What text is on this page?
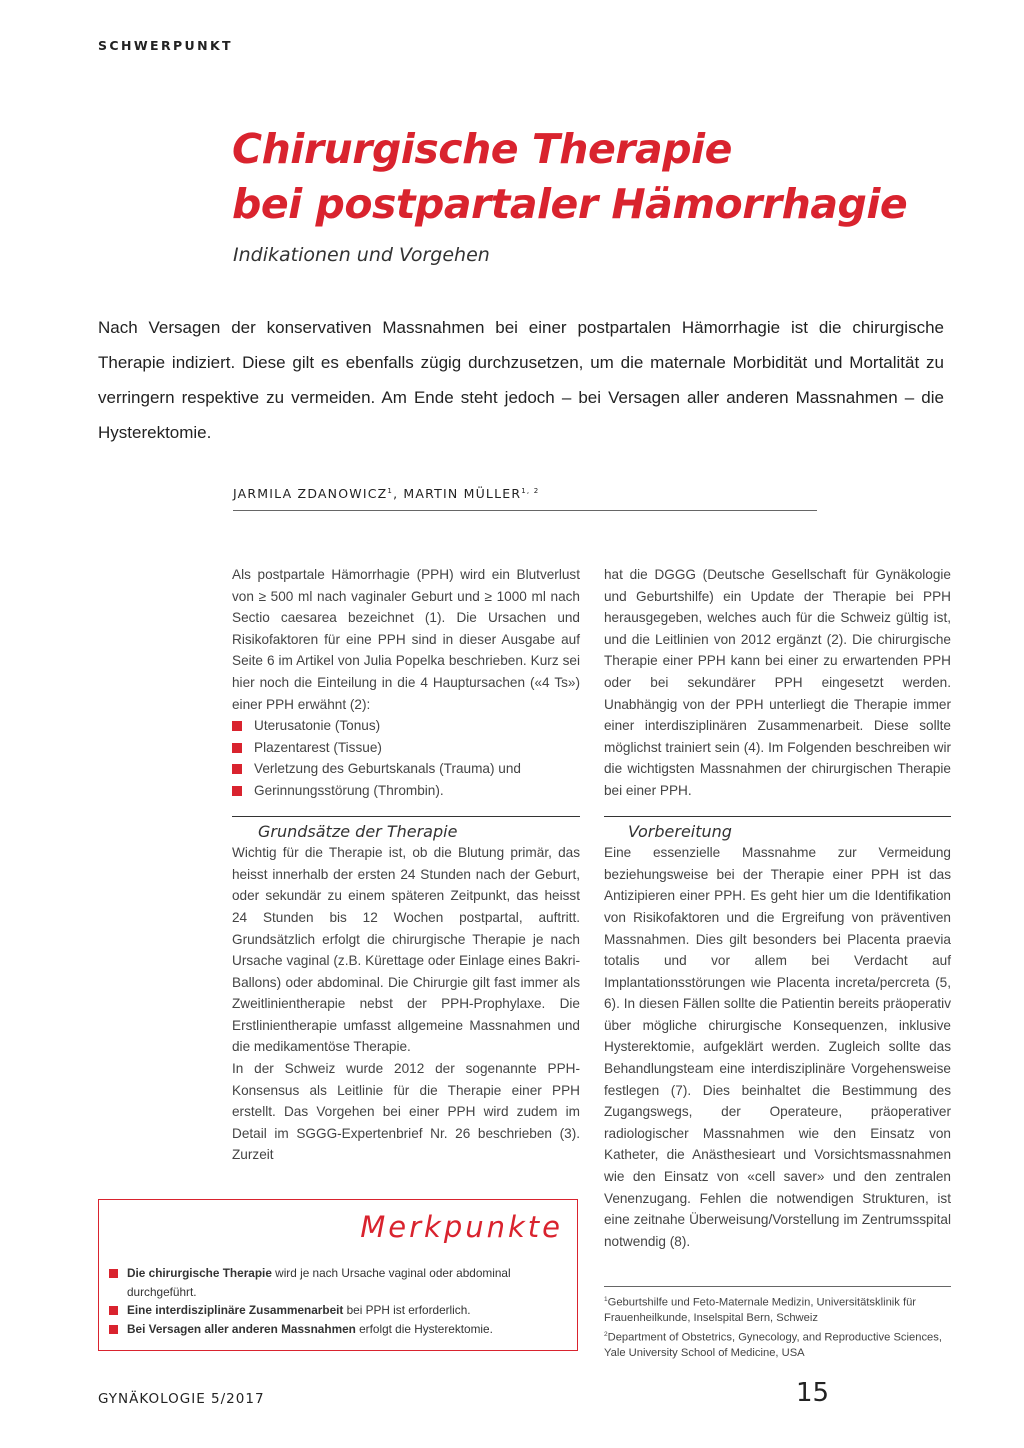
SCHWERPUNKT
Chirurgische Therapie
bei postpartaler Hämorrhagie
Indikationen und Vorgehen
Nach Versagen der konservativen Massnahmen bei einer postpartalen Hämorrhagie ist die chirurgische Therapie indiziert. Diese gilt es ebenfalls zügig durchzusetzen, um die maternale Morbidität und Mortalität zu verringern respektive zu vermeiden. Am Ende steht jedoch – bei Versagen aller anderen Massnahmen – die Hysterektomie.
JARMILA ZDANOWICZ$^1$, MARTIN MÜLLER$^{1, 2}$

Als postpartale Hämorrhagie (PPH) wird ein Blutverlust von ≥ 500 ml nach vaginaler Geburt und ≥ 1000 ml nach Sectio caesarea bezeichnet (1). Die Ursachen und Risikofaktoren für eine PPH sind in dieser Ausgabe auf Seite 6 im Artikel von Julia Popelka beschrieben. Kurz sei hier noch die Einteilung in die 4 Hauptursachen («4 Ts») einer PPH erwähnt (2):

Uterusatonie (Tonus)
Plazentarest (Tissue)
Verletzung des Geburtskanals (Trauma) und
Gerinnungsstörung (Thrombin).
Grundsätze der Therapie

Wichtig für die Therapie ist, ob die Blutung primär, das heisst innerhalb der ersten 24 Stunden nach der Geburt, oder sekundär zu einem späteren Zeitpunkt, das heisst 24 Stunden bis 12 Wochen postpartal, auftritt. Grundsätzlich erfolgt die chirurgische Therapie je nach Ursache vaginal (z.B. Kürettage oder Einlage eines Bakri-Ballons) oder abdominal. Die Chirurgie gilt fast immer als Zweitlinientherapie nebst der PPH-Prophylaxe. Die Erstlinientherapie umfasst allgemeine Massnahmen und die medikamentöse Therapie.

In der Schweiz wurde 2012 der sogenannte PPH-Konsensus als Leitlinie für die Therapie einer PPH erstellt. Das Vorgehen bei einer PPH wird zudem im Detail im SGGG-Expertenbrief Nr. 26 beschrieben (3). Zurzeit

hat die DGGG (Deutsche Gesellschaft für Gynäkologie und Geburtshilfe) ein Update der Therapie bei PPH herausgegeben, welches auch für die Schweiz gültig ist, und die Leitlinien von 2012 ergänzt (2). Die chirurgische Therapie einer PPH kann bei einer zu erwartenden PPH oder bei sekundärer PPH eingesetzt werden. Unabhängig von der PPH unterliegt die Therapie immer einer interdisziplinären Zusammenarbeit. Diese sollte möglichst trainiert sein (4). Im Folgenden beschreiben wir die wichtigsten Massnahmen der chirurgischen Therapie bei einer PPH.

Vorbereitung

Eine essenzielle Massnahme zur Vermeidung beziehungsweise bei der Therapie einer PPH ist das Antizipieren einer PPH. Es geht hier um die Identifikation von Risikofaktoren und die Ergreifung von präventiven Massnahmen. Dies gilt besonders bei Placenta praevia totalis und vor allem bei Verdacht auf Implantationsstörungen wie Placenta increta/percreta (5, 6). In diesen Fällen sollte die Patientin bereits präoperativ über mögliche chirurgische Konsequenzen, inklusive Hysterektomie, aufgeklärt werden. Zugleich sollte das Behandlungsteam eine interdisziplinäre Vorgehensweise festlegen (7). Dies beinhaltet die Bestimmung des Zugangswegs, der Operateure, präoperativer radiologischer Massnahmen wie den Einsatz von Katheter, die Anästhesieart und Vorsichtsmassnahmen wie den Einsatz von «cell saver» und den zentralen Venenzugang. Fehlen die notwendigen Strukturen, ist eine zeitnahe Überweisung/Vorstellung im Zentrumsspital notwendig (8).

Merkpunkte
Die chirurgische Therapie wird je nach Ursache vaginal oder abdominal durchgeführt.
Eine interdisziplinäre Zusammenarbeit bei PPH ist erforderlich.
Bei Versagen aller anderen Massnahmen erfolgt die Hysterektomie.
$^1$Geburtshilfe und Feto-Maternale Medizin, Universitätsklinik für Frauenheilkunde, Inselspital Bern, Schweiz
$^2$Department of Obstetrics, Gynecology, and Reproductive Sciences, Yale University School of Medicine, USA
GYNÄKOLOGIE 5/2017	15
